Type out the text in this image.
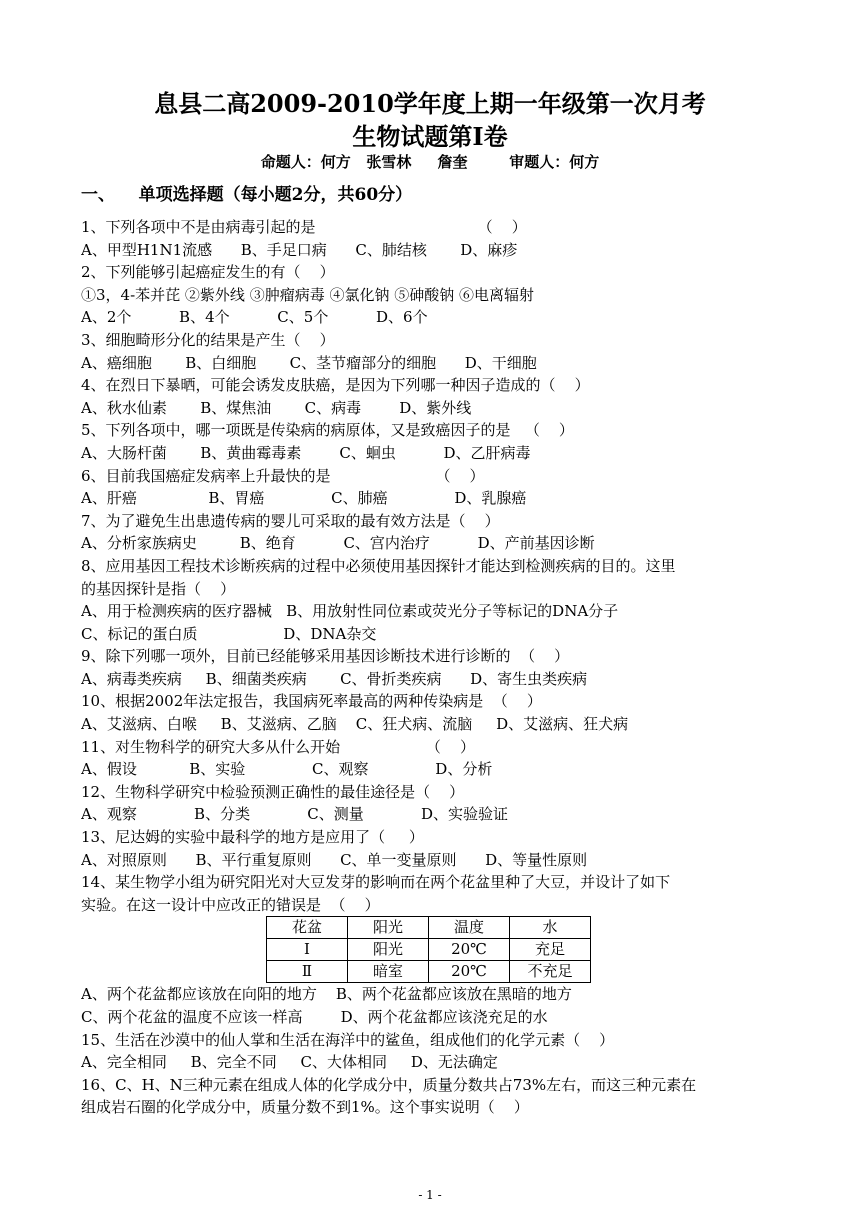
息县二高2009-2010学年度上期一年级第一次月考
生物试题第Ⅰ卷
命题人：何方   张雪林     詹奎        审题人：何方
一、    单项选择题（每小题2分，共60分）
1、下列各项中不是由病毒引起的是                                  （    ）
A、甲型H1N1流感      B、手足口病      C、肺结核       D、麻疹
2、下列能够引起癌症发生的有（    ）
①3，4-苯并芘 ②紫外线 ③肿瘤病毒 ④氯化钠 ⑤砷酸钠 ⑥电离辐射
A、2个          B、4个          C、5个          D、6个
3、细胞畸形分化的结果是产生（    ）
A、癌细胞       B、白细胞       C、茎节瘤部分的细胞      D、干细胞
4、在烈日下暴晒，可能会诱发皮肤癌，是因为下列哪一种因子造成的（    ）
A、秋水仙素       B、煤焦油       C、病毒        D、紫外线
5、下列各项中，哪一项既是传染病的病原体，又是致癌因子的是   （    ）
A、大肠杆菌       B、黄曲霉毒素        C、蛔虫          D、乙肝病毒
6、目前我国癌症发病率上升最快的是                      （    ）
A、肝癌               B、胃癌              C、肺癌              D、乳腺癌
7、为了避免生出患遗传病的婴儿可采取的最有效方法是（    ）
A、分析家族病史         B、绝育          C、宫内治疗          D、产前基因诊断
8、应用基因工程技术诊断疾病的过程中必须使用基因探针才能达到检测疾病的目的。这里
的基因探针是指（    ）
A、用于检测疾病的医疗器械   B、用放射性同位素或荧光分子等标记的DNA分子
C、标记的蛋白质                  D、DNA杂交
9、除下列哪一项外，目前已经能够采用基因诊断技术进行诊断的  （    ）
A、病毒类疾病     B、细菌类疾病       C、骨折类疾病      D、寄生虫类疾病
10、根据2002年法定报告，我国病死率最高的两种传染病是  （    ）
A、艾滋病、白喉     B、艾滋病、乙脑    C、狂犬病、流脑     D、艾滋病、狂犬病
11、对生物科学的研究大多从什么开始                  （    ）
A、假设           B、实验              C、观察              D、分析
12、生物科学研究中检验预测正确性的最佳途径是（    ）
A、观察            B、分类            C、测量            D、实验验证
13、尼达姆的实验中最科学的地方是应用了（     ）
A、对照原则      B、平行重复原则      C、单一变量原则      D、等量性原则
14、某生物学小组为研究阳光对大豆发芽的影响而在两个花盆里种了大豆，并设计了如下
实验。在这一设计中应改正的错误是  （    ）
花盆	阳光	温度	水
Ⅰ	阳光	20℃	充足
Ⅱ	暗室	20℃	不充足
A、两个花盆都应该放在向阳的地方    B、两个花盆都应该放在黑暗的地方
C、两个花盆的温度不应该一样高        D、两个花盆都应该浇充足的水
15、生活在沙漠中的仙人掌和生活在海洋中的鲨鱼，组成他们的化学元素（    ）
A、完全相同     B、完全不同     C、大体相同     D、无法确定
16、C、H、N三种元素在组成人体的化学成分中，质量分数共占73%左右，而这三种元素在
组成岩石圈的化学成分中，质量分数不到1%。这个事实说明（    ）
- 1 -
